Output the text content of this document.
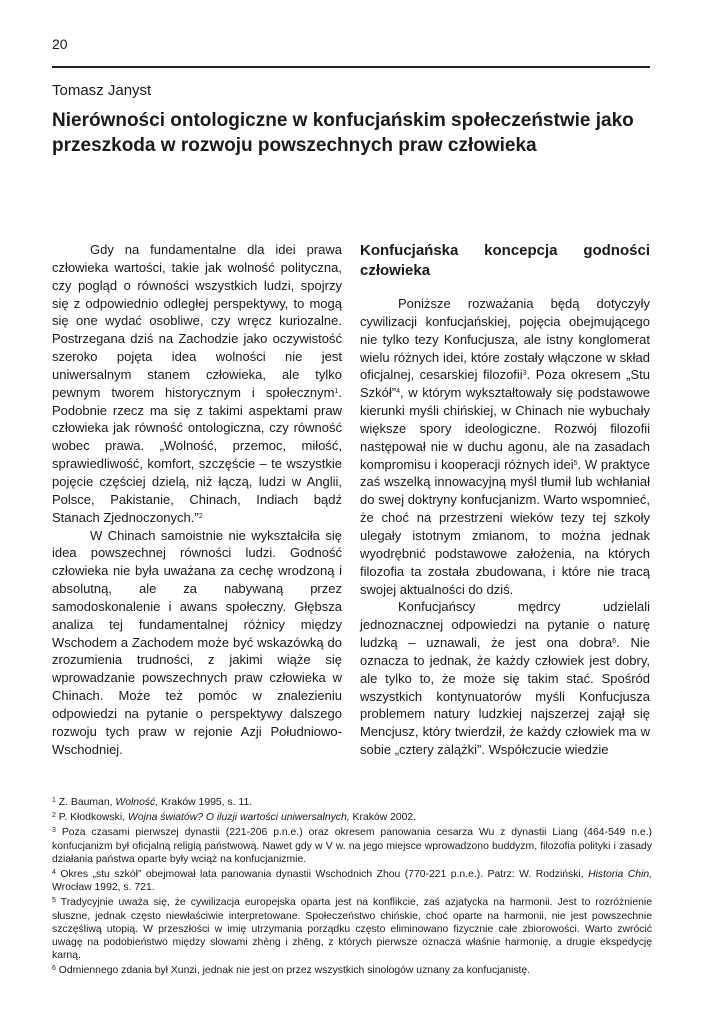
20
Tomasz Janyst
Nierówności ontologiczne w konfucjańskim społeczeństwie jako przeszkoda w rozwoju powszechnych praw człowieka

Gdy na fundamentalne dla idei prawa człowieka wartości, takie jak wolność polityczna, czy pogląd o równości wszystkich ludzi, spojrzy się z odpowiednio odległej perspektywy, to mogą się one wydać osobliwe, czy wręcz kuriozalne. Postrzegana dziś na Zachodzie jako oczywistość szeroko pojęta idea wolności nie jest uniwersalnym stanem człowieka, ale tylko pewnym tworem historycznym i społecznym$^1$. Podobnie rzecz ma się z takimi aspektami praw człowieka jak równość ontologiczna, czy równość wobec prawa. „Wolność, przemoc, miłość, sprawiedliwość, komfort, szczęście – te wszystkie pojęcie częściej dzielą, niż łączą, ludzi w Anglii, Polsce, Pakistanie, Chinach, Indiach bądź Stanach Zjednoczonych.”$^2$

W Chinach samoistnie nie wykształciła się idea powszechnej równości ludzi. Godność człowieka nie była uważana za cechę wrodzoną i absolutną, ale za nabywaną przez samodoskonalenie i awans społeczny. Głębsza analiza tej fundamentalnej różnicy między Wschodem a Zachodem może być wskazówką do zrozumienia trudności, z jakimi wiąże się wprowadzanie powszechnych praw człowieka w Chinach. Może też pomóc w znalezieniu odpowiedzi na pytanie o perspektywy dalszego rozwoju tych praw w rejonie Azji Południowo-Wschodniej.

Konfucjańska koncepcja godności człowieka

Poniższe rozważania będą dotyczyły cywilizacji konfucjańskiej, pojęcia obejmującego nie tylko tezy Konfucjusza, ale istny konglomerat wielu różnych idei, które zostały włączone w skład oficjalnej, cesarskiej filozofii$^3$. Poza okresem „Stu Szkół”$^4$, w którym wykształtowały się podstawowe kierunki myśli chińskiej, w Chinach nie wybuchały większe spory ideologiczne. Rozwój filozofii następował nie w duchu agonu, ale na zasadach kompromisu i kooperacji różnych idei$^5$. W praktyce zaś wszelką innowacyjną myśl tłumił lub wchłaniał do swej doktryny konfucjanizm. Warto wspomnieć, że choć na przestrzeni wieków tezy tej szkoły ulegały istotnym zmianom, to można jednak wyodrębnić podstawowe założenia, na których filozofia ta została zbudowana, i które nie tracą swojej aktualności do dziś.

Konfucjańscy mędrcy udzielali jednoznacznej odpowiedzi na pytanie o naturę ludzką – uznawali, że jest ona dobra$^6$. Nie oznacza to jednak, że każdy człowiek jest dobry, ale tylko to, że może się takim stać. Spośród wszystkich kontynuatorów myśli Konfucjusza problemem natury ludzkiej najszerzej zajął się Mencjusz, który twierdził, że każdy człowiek ma w sobie „cztery zalążki”. Współczucie wiedzie

$^1$ Z. Bauman, Wolność, Kraków 1995, s. 11.

$^2$ P. Kłodkowski, Wojna światów? O iluzji wartości uniwersalnych, Kraków 2002.

$^3$ Poza czasami pierwszej dynastii (221-206 p.n.e.) oraz okresem panowania cesarza Wu z dynastii Liang (464-549 n.e.) konfucjanizm był oficjalną religią państwową. Nawet gdy w V w. na jego miejsce wprowadzono buddyzm, filozofia polityki i zasady działania państwa oparte były wciąż na konfucjanizmie.

$^4$ Okres „stu szkół” obejmował lata panowania dynastii Wschodnich Zhou (770-221 p.n.e.). Patrz: W. Rodziński, Historia Chin, Wrocław 1992, s. 721.

$^5$ Tradycyjnie uważa się, że cywilizacja europejska oparta jest na konflikcie, zaś azjatycka na harmonii. Jest to rozróżnienie słuszne, jednak często niewłaściwie interpretowane. Społeczeństwo chińskie, choć oparte na harmonii, nie jest powszechnie szczęśliwą utopią. W przeszłości w imię utrzymania porządku często eliminowano fizycznie całe zbiorowości. Warto zwrócić uwagę na podobieństwo między słowami zhèng i zhēng, z których pierwsze oznacza właśnie harmonię, a drugie ekspedycję karną.

$^6$ Odmiennego zdania był Xunzi, jednak nie jest on przez wszystkich sinologów uznany za konfucjanistę.
